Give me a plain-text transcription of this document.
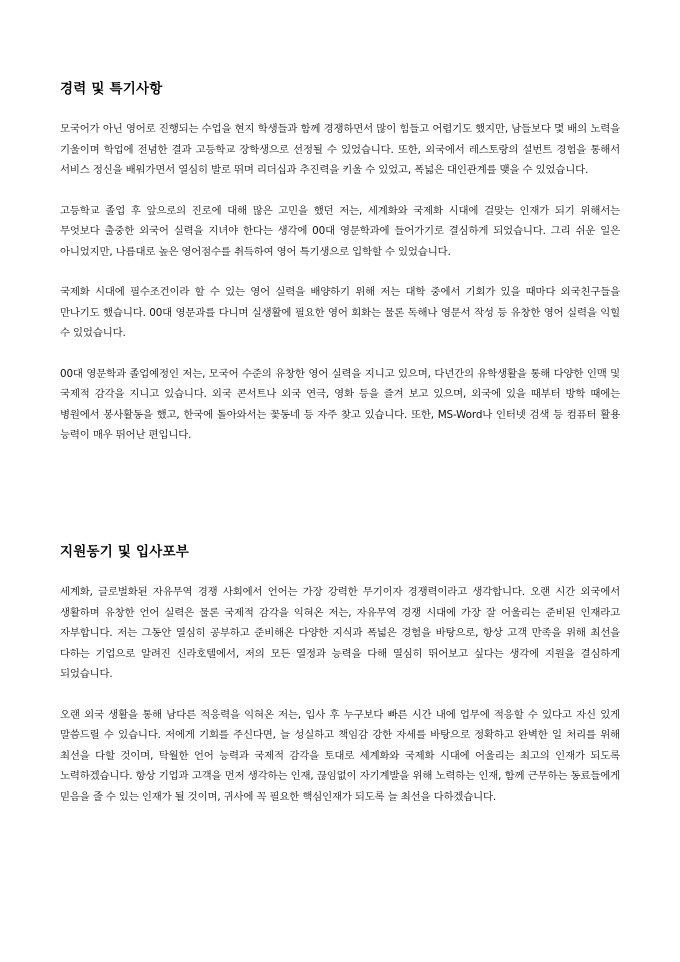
경력 및 특기사항

모국어가 아닌 영어로 진행되는 수업을 현지 학생들과 함께 경쟁하면서 많이 힘들고 어렵기도 했지만, 남들보다 몇 배의 노력을 기울이며 학업에 전념한 결과 고등학교 장학생으로 선정될 수 있었습니다. 또한, 외국에서 레스토랑의 설번트 경험을 통해서 서비스 정신을 배워가면서 열심히 발로 뛰며 리더십과 추진력을 키울 수 있었고, 폭넓은 대인관계를 맺을 수 있었습니다.

고등학교 졸업 후 앞으로의 진로에 대해 많은 고민을 했던 저는, 세계화와 국제화 시대에 걸맞는 인재가 되기 위해서는 무엇보다 출중한 외국어 실력을 지녀야 한다는 생각에 00대 영문학과에 들어가기로 결심하게 되었습니다. 그리 쉬운 일은 아니었지만, 나름대로 높은 영어점수를 취득하여 영어 특기생으로 입학할 수 있었습니다.

국제화 시대에 필수조건이라 할 수 있는 영어 실력을 배양하기 위해 저는 대학 중에서 기회가 있을 때마다 외국친구들을 만나기도 했습니다. 00대 영문과를 다니며 실생활에 필요한 영어 회화는 물론 독해나 영문서 작성 등 유창한 영어 실력을 익힐 수 있었습니다.

00대 영문학과 졸업예정인 저는, 모국어 수준의 유창한 영어 실력을 지니고 있으며, 다년간의 유학생활을 통해 다양한 인맥 및 국제적 감각을 지니고 있습니다. 외국 콘서트나 외국 연극, 영화 등을 즐겨 보고 있으며, 외국에 있을 때부터 방학 때에는 병원에서 봉사활동을 했고, 한국에 돌아와서는 꽃동네 등 자주 찾고 있습니다. 또한, MS-Word나 인터넷 검색 등 컴퓨터 활용 능력이 매우 뛰어난 편입니다.

지원동기 및 입사포부

세계화, 글로벌화된 자유무역 경쟁 사회에서 언어는 가장 강력한 무기이자 경쟁력이라고 생각합니다. 오랜 시간 외국에서 생활하며 유창한 언어 실력은 물론 국제적 감각을 익혀온 저는, 자유무역 경쟁 시대에 가장 잘 어울리는 준비된 인재라고 자부합니다. 저는 그동안 열심히 공부하고 준비해온 다양한 지식과 폭넓은 경험을 바탕으로, 항상 고객 만족을 위해 최선을 다하는 기업으로 알려진 신라호텔에서, 저의 모든 열정과 능력을 다해 열심히 뛰어보고 싶다는 생각에 지원을 결심하게 되었습니다.

오랜 외국 생활을 통해 남다른 적응력을 익혀온 저는, 입사 후 누구보다 빠른 시간 내에 업무에 적응할 수 있다고 자신 있게 말씀드릴 수 있습니다. 저에게 기회를 주신다면, 늘 성실하고 책임감 강한 자세를 바탕으로 정확하고 완벽한 일 처리를 위해 최선을 다할 것이며, 탁월한 언어 능력과 국제적 감각을 토대로 세계화와 국제화 시대에 어울리는 최고의 인재가 되도록 노력하겠습니다. 항상 기업과 고객을 먼저 생각하는 인재, 끊임없이 자기계발을 위해 노력하는 인재, 함께 근무하는 동료들에게 믿음을 줄 수 있는 인재가 될 것이며, 귀사에 꼭 필요한 핵심인재가 되도록 늘 최선을 다하겠습니다.
